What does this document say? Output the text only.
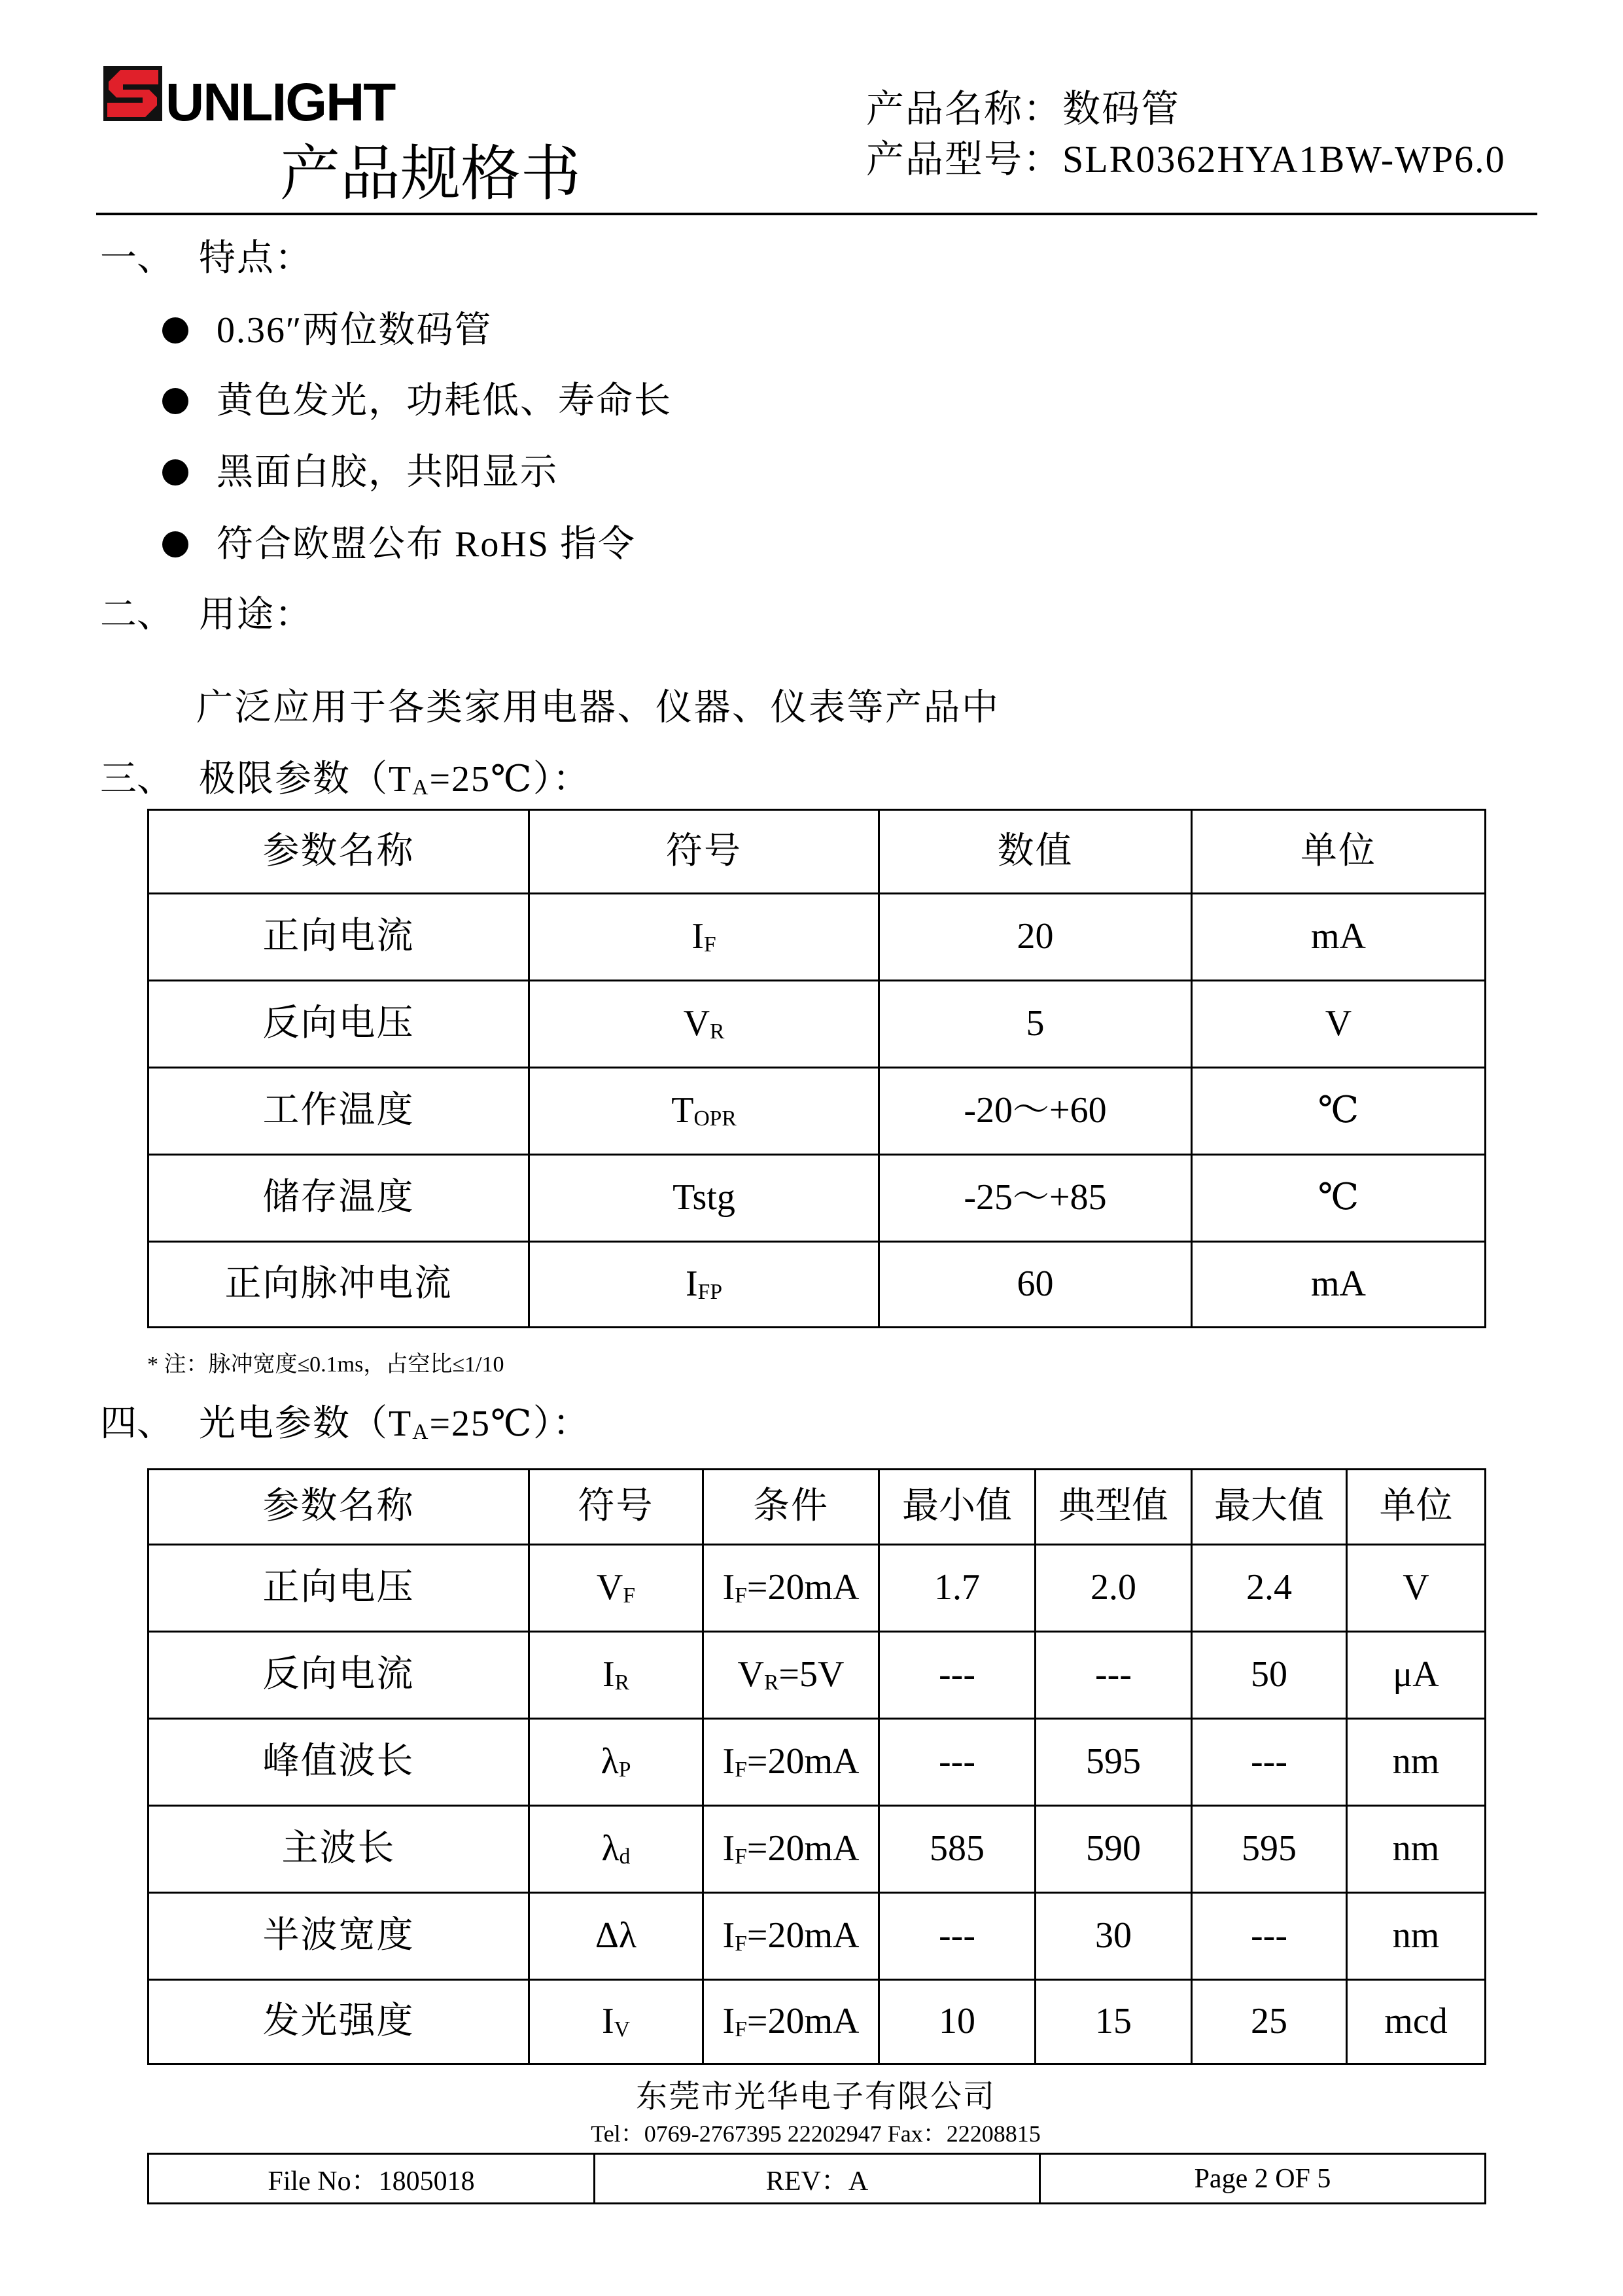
UNLIGHT
产品规格书
产品名称：数码管
产品型号：SLR0362HYA1BW-WP6.0
一、 特点：
0.36″两位数码管
黄色发光，功耗低、寿命长
黑面白胶，共阳显示
符合欧盟公布 RoHS 指令
二、 用途：
广泛应用于各类家用电器、仪器、仪表等产品中
三、 极限参数$(T_A=25℃)$：
参数名称	符号	数值	单位
正向电流	$I_F$	20	mA
反向电压	$V_R$	5	V
工作温度	$T_{OPR}$	-20～+60	℃
储存温度	Tstg	-25～+85	℃
正向脉冲电流	$I_{FP}$	60	mA
* 注：脉冲宽度≤0.1ms，占空比≤1/10
四、 光电参数$(T_A=25℃)$：
参数名称	符号	条件	最小值	典型值	最大值	单位
正向电压	$V_F$	$I_F=20mA$	1.7	2.0	2.4	V
反向电流	$I_R$	$V_R=5V$	---	---	50	μA
峰值波长	$\lambda_P$	$I_F=20mA$	---	595	---	nm
主波长	$\lambda_d$	$I_F=20mA$	585	590	595	nm
半波宽度	Δλ	$I_F=20mA$	---	30	---	nm
发光强度	$I_V$	$I_F=20mA$	10	15	25	mcd
东莞市光华电子有限公司
Tel：0769-2767395 22202947 Fax：22208815
File No：1805018	REV：A	Page 2 OF 5
